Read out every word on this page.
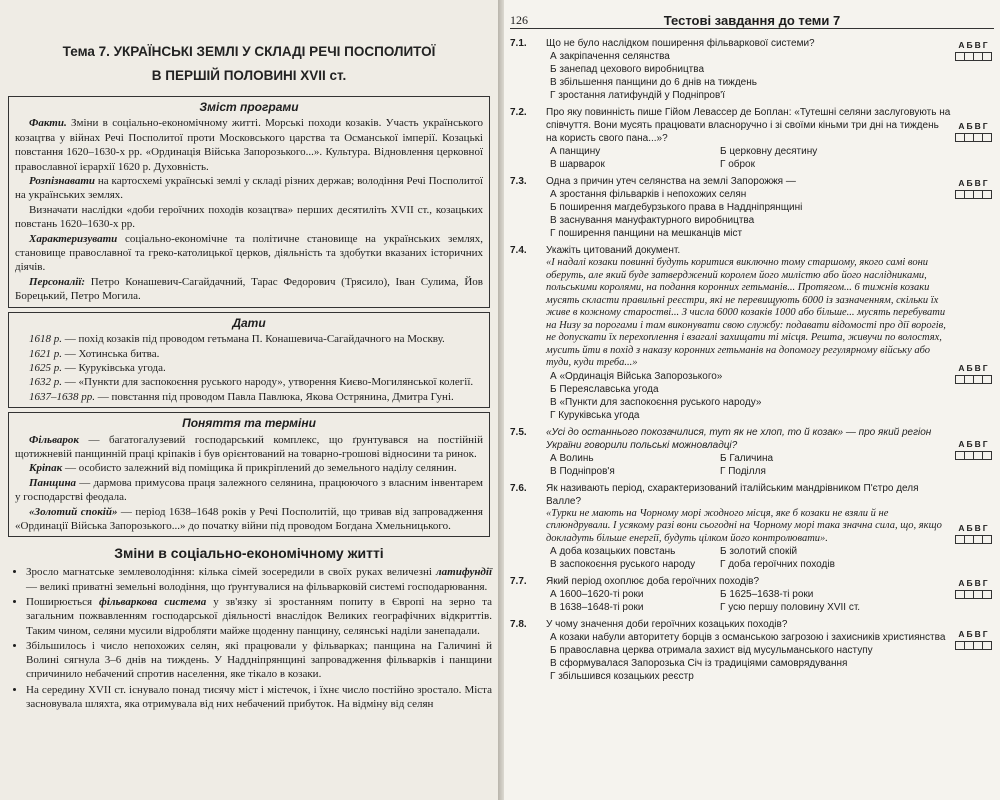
Тема 7. УКРАЇНСЬКІ ЗЕМЛІ У СКЛАДІ РЕЧІ ПОСПОЛИТОЇ
В ПЕРШІЙ ПОЛОВИНІ XVII ст.
Зміст програми

Факти. Зміни в соціально-економічному житті. Морські походи козаків. Участь українського козацтва у війнах Речі Посполитої проти Московського царства та Османської імперії. Козацькі повстання 1620–1630-х рр. «Ординація Війська Запорозького...». Культура. Відновлення церковної православної ієрархії 1620 р. Духовність.

Розпізнавати на картосхемі українські землі у складі різних держав; володіння Речі Посполитої на українських землях.

Визначати наслідки «доби героїчних походів козацтва» перших десятиліть XVII ст., козацьких повстань 1620–1630-х рр.

Характеризувати соціально-економічне та політичне становище на українських землях, становище православної та греко-католицької церков, діяльність та здобутки вказаних історичних діячів.

Персоналії: Петро Конашевич-Сагайдачний, Тарас Федорович (Трясило), Іван Сулима, Йов Борецький, Петро Могила.

Дати

1618 р. — похід козаків під проводом гетьмана П. Конашевича-Сагайдачного на Москву.

1621 р. — Хотинська битва.

1625 р. — Куруківська угода.

1632 р. — «Пункти для заспокоєння руського народу», утворення Києво-Могилянської колегії.

1637–1638 рр. — повстання під проводом Павла Павлюка, Якова Острянина, Дмитра Гуні.

Поняття та терміни

Фільварок — багатогалузевий господарський комплекс, що ґрунтувався на постійній щотижневій панщинній праці кріпаків і був орієнтований на товарно-грошові відносини та ринок.

Кріпак — особисто залежний від поміщика й прикріплений до земельного наділу селянин.

Панщина — дармова примусова праця залежного селянина, працюючого з власним інвентарем у господарстві феодала.

«Золотий спокій» — період 1638–1648 років у Речі Посполитій, що тривав від запровадження «Ординації Війська Запорозького...» до початку війни під проводом Богдана Хмельницького.

Зміни в соціально-економічному житті
• Зросло магнатське землеволодіння: кілька сімей зосередили в своїх руках величезні латифундії — великі приватні земельні володіння, що ґрунтувалися на фільварковій системі господарювання.
• Поширюється фільваркова система у зв'язку зі зростанням попиту в Європі на зерно та загальним пожвавленням господарської діяльності внаслідок Великих географічних відкриттів. Таким чином, селяни мусили відробляти майже щоденну панщину, селянські наділи занепадали.
• Збільшилось і число непохожих селян, які працювали у фільварках; панщина на Галичині й Волині сягнула 3–6 днів на тиждень. У Наддніпрянщині запровадження фільварків і панщини спричинило небачений спротив населення, яке тікало в козаки.
• На середину XVII ст. існувало понад тисячу міст і містечок, і їхнє число постійно зростало. Міста засновувала шляхта, яка отримувала від них небачений прибуток. На відміну від селян
126	Тестові завдання до теми 7
7.1.	Що не було наслідком поширення фільваркової системи?
А закріпачення селянства
Б занепад цехового виробництва
В збільшення панщини до 6 днів на тиждень
Г зростання латифундій у Подніпров'ї
АБВГ
7.2.	Про яку повинність пише Гійом Левассер де Боплан: «Тутешні селяни заслуговують на співчуття. Вони мусять працювати власноручно і зі своїми кіньми три дні на тиждень на користь свого пана...»?
А панщину	Б церковну десятину
В шарварок	Г оброк
АБВГ
7.3.	Одна з причин утеч селянства на землі Запорожжя —
А зростання фільварків і непохожих селян
Б поширення магдебурзького права в Наддніпрянщині
В заснування мануфактурного виробництва
Г поширення панщини на мешканців міст
АБВГ
7.4.	Укажіть цитований документ.
«І надалі козаки повинні будуть коритися виключно тому старшому, якого самі вони оберуть, але який буде затверджений королем його милістю або його наслідниками, польськими королями, на подання коронних гетьманів... Протягом... 6 тижнів козаки мусять скласти правильні реєстри, які не перевищують 6000 із зазначенням, скільки їх живе в кожному старостві... З числа 6000 козаків 1000 або більше... мусять перебувати на Низу за порогами і там виконувати свою службу: подавати відомості про дії ворогів, не допускати їх перехоплення і взагалі захищати ті місця. Решта, живучи по волостях, мусить йти в похід з наказу коронних гетьманів на допомогу регулярному війську або туди, куди треба...»
А «Ординація Війська Запорозького»
Б Переяславська угода
В «Пункти для заспокоєння руського народу»
Г Куруківська угода
АБВГ
7.5.	«Усі до останнього покозачилися, тут як не хлоп, то й козак» — про який регіон України говорили польські можновладці?
А Волинь	Б Галичина
В Подніпров'я	Г Поділля
АБВГ
7.6.	Як називають період, схарактеризований італійським мандрівником П'єтро деля Валле?
«Турки не мають на Чорному морі жодного місця, яке б козаки не взяли й не сплюндрували. І усякому разі вони сьогодні на Чорному морі така значна сила, що, якщо докладуть більше енергії, будуть цілком його контролювати».
А доба козацьких повстань	Б золотий спокій
В заспокоєння руського народу	Г доба героїчних походів
АБВГ
7.7.	Який період охоплює доба героїчних походів?
А 1600–1620-ті роки	Б 1625–1638-ті роки
В 1638–1648-ті роки	Г усю першу половину XVII ст.
АБВГ
7.8.	У чому значення доби героїчних козацьких походів?
А козаки набули авторитету борців з османською загрозою і захисників християнства
Б православна церква отримала захист від мусульманського наступу
В сформувалася Запорозька Січ із традиціями самоврядування
Г збільшився козацьких реєстр
АБВГ
